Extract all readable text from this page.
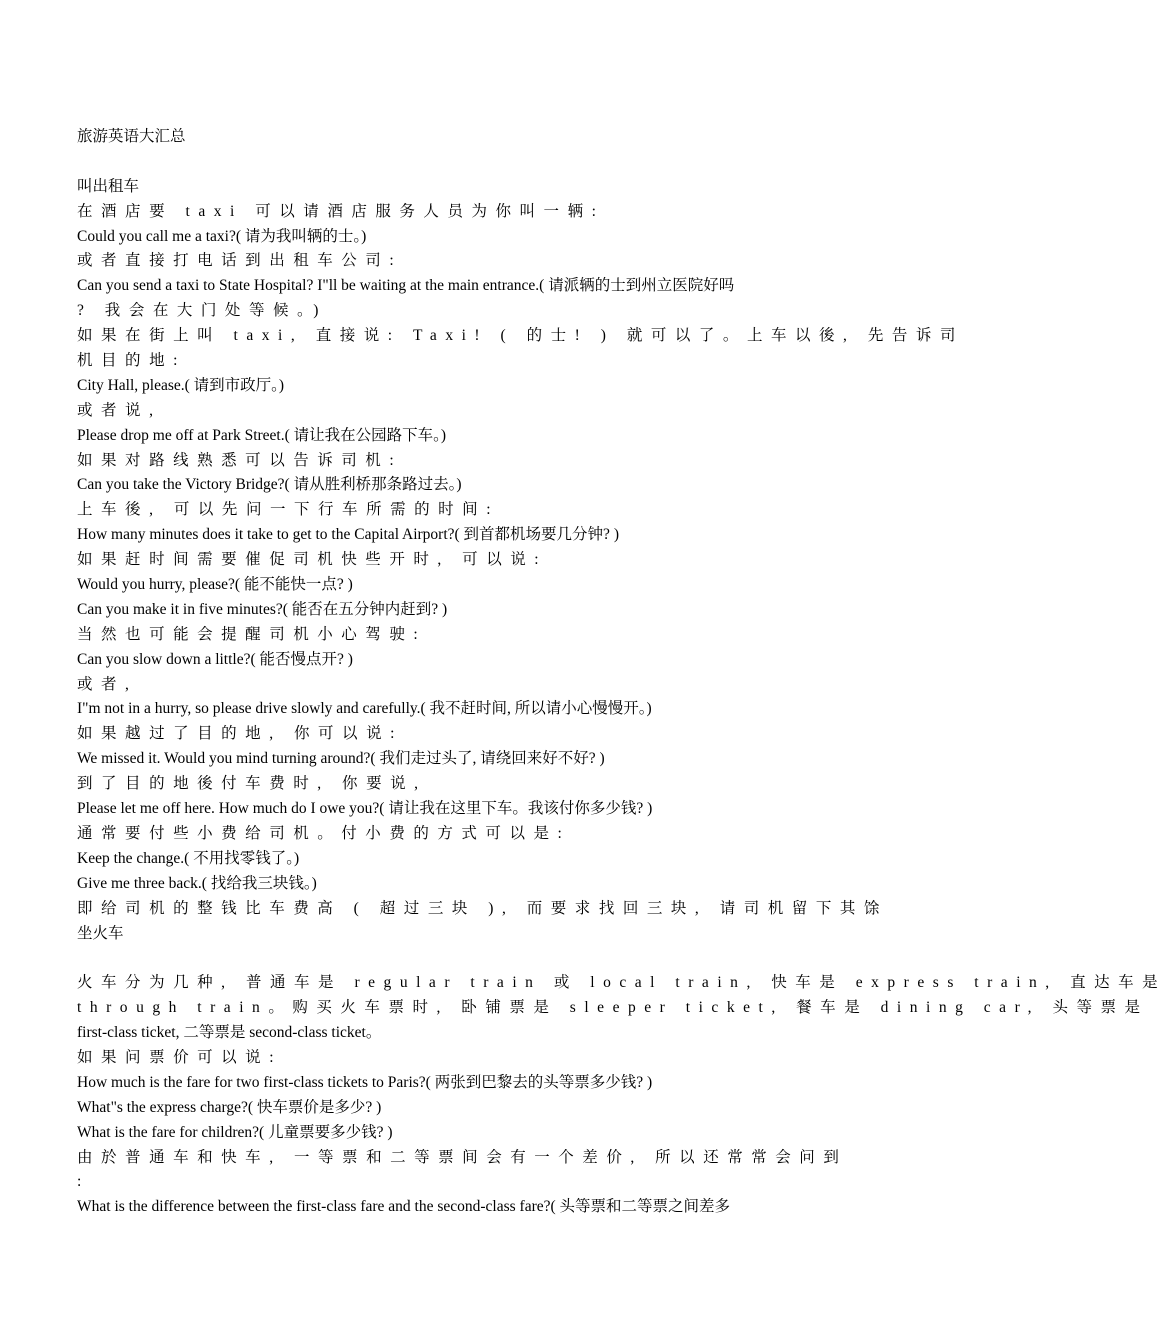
旅游英语大汇总
叫出租车
在酒店要 taxi 可以请酒店服务人员为你叫一辆:
Could you call me a taxi?( 请为我叫辆的士。)
或者直接打电话到出租车公司:
Can you send a taxi to State Hospital? I"ll be waiting at the main entrance.( 请派辆的士到州立医院好吗
? 我会在大门处等候。)
如果在街上叫 taxi, 直接说: Taxi! ( 的士! ) 就可以了。上车以後, 先告诉司
机目的地:
City Hall, please.( 请到市政厅。)
或者说,
Please drop me off at Park Street.( 请让我在公园路下车。)
如果对路线熟悉可以告诉司机:
Can you take the Victory Bridge?( 请从胜利桥那条路过去。)
上车後, 可以先问一下行车所需的时间:
How many minutes does it take to get to the Capital Airport?( 到首都机场要几分钟? )
如果赶时间需要催促司机快些开时, 可以说:
Would you hurry, please?( 能不能快一点? )
Can you make it in five minutes?( 能否在五分钟内赶到? )
当然也可能会提醒司机小心驾驶:
Can you slow down a little?( 能否慢点开? )
或者,
I"m not in a hurry, so please drive slowly and carefully.( 我不赶时间, 所以请小心慢慢开。)
如果越过了目的地, 你可以说:
We missed it. Would you mind turning around?( 我们走过头了, 请绕回来好不好? )
到了目的地後付车费时, 你要说,
Please let me off here. How much do I owe you?( 请让我在这里下车。我该付你多少钱? )
通常要付些小费给司机。付小费的方式可以是:
Keep the change.( 不用找零钱了。)
Give me three back.( 找给我三块钱。)
即给司机的整钱比车费高 ( 超过三块 ), 而要求找回三块, 请司机留下其馀
坐火车
火车分为几种, 普通车是 regular train 或 local train, 快车是 express train, 直达车是
through train。购买火车票时, 卧铺票是 sleeper ticket, 餐车是 dining car, 头等票是
first-class ticket, 二等票是 second-class ticket。
如果问票价可以说:
How much is the fare for two first-class tickets to Paris?( 两张到巴黎去的头等票多少钱? )
What"s the express charge?( 快车票价是多少? )
What is the fare for children?( 儿童票要多少钱? )
由於普通车和快车, 一等票和二等票间会有一个差价, 所以还常常会问到
:
What is the difference between the first-class fare and the second-class fare?( 头等票和二等票之间差多
